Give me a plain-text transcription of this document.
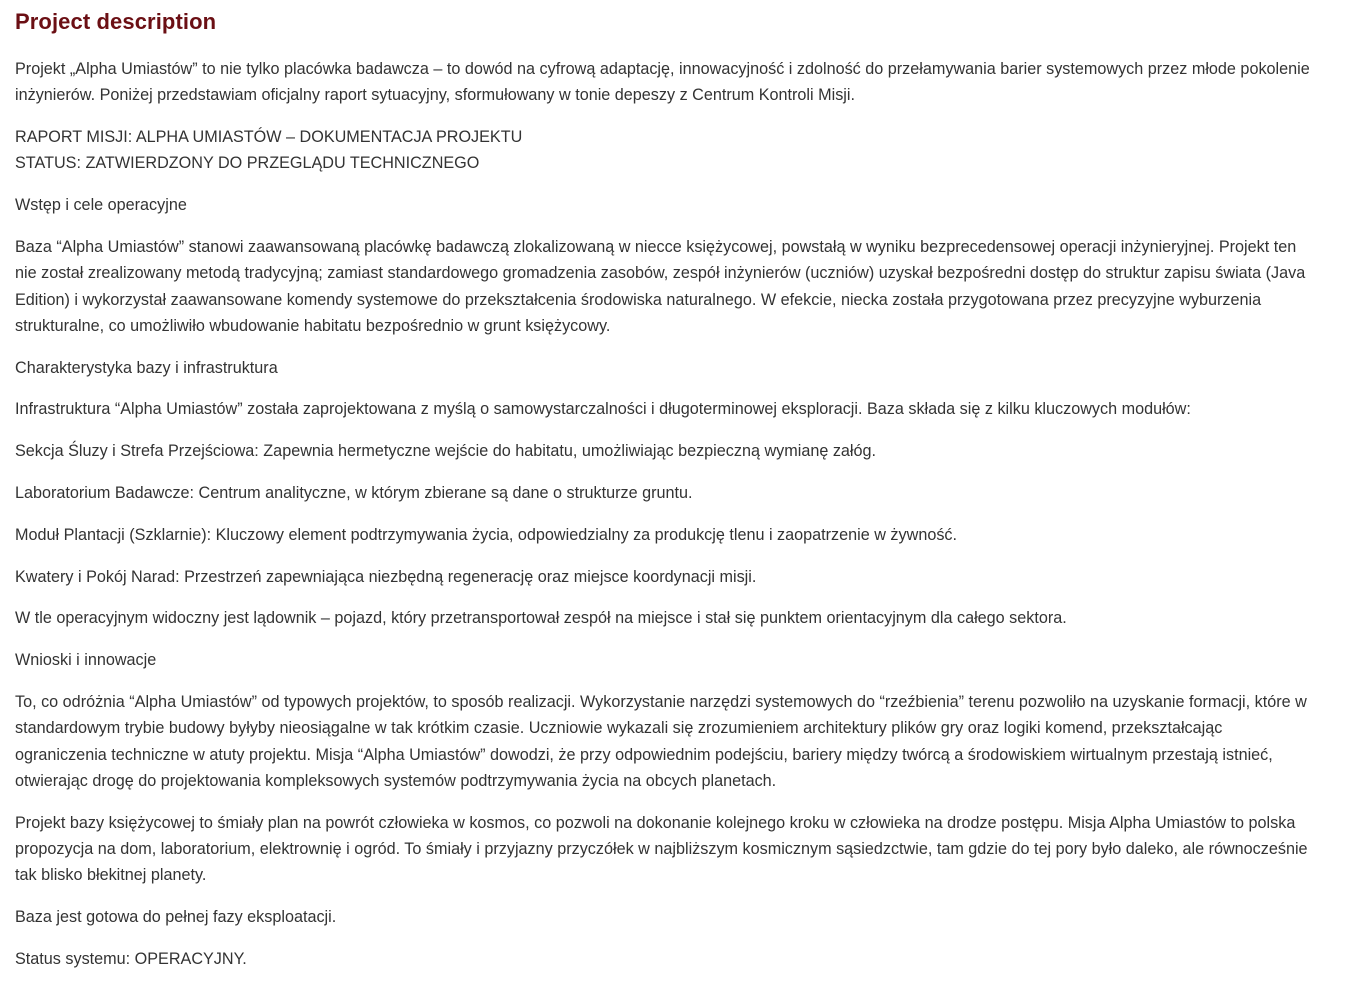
Project description

Projekt „Alpha Umiastów” to nie tylko placówka badawcza – to dowód na cyfrową adaptację, innowacyjność i zdolność do przełamywania barier systemowych przez młode pokolenie inżynierów. Poniżej przedstawiam oficjalny raport sytuacyjny, sformułowany w tonie depeszy z Centrum Kontroli Misji.

RAPORT MISJI: ALPHA UMIASTÓW – DOKUMENTACJA PROJEKTU
STATUS: ZATWIERDZONY DO PRZEGLĄDU TECHNICZNEGO

Wstęp i cele operacyjne

Baza “Alpha Umiastów” stanowi zaawansowaną placówkę badawczą zlokalizowaną w niecce księżycowej, powstałą w wyniku bezprecedensowej operacji inżynieryjnej. Projekt ten nie został zrealizowany metodą tradycyjną; zamiast standardowego gromadzenia zasobów, zespół inżynierów (uczniów) uzyskał bezpośredni dostęp do struktur zapisu świata (Java Edition) i wykorzystał zaawansowane komendy systemowe do przekształcenia środowiska naturalnego. W efekcie, niecka została przygotowana przez precyzyjne wyburzenia strukturalne, co umożliwiło wbudowanie habitatu bezpośrednio w grunt księżycowy.

Charakterystyka bazy i infrastruktura

Infrastruktura “Alpha Umiastów” została zaprojektowana z myślą o samowystarczalności i długoterminowej eksploracji. Baza składa się z kilku kluczowych modułów:

Sekcja Śluzy i Strefa Przejściowa: Zapewnia hermetyczne wejście do habitatu, umożliwiając bezpieczną wymianę załóg.

Laboratorium Badawcze: Centrum analityczne, w którym zbierane są dane o strukturze gruntu.

Moduł Plantacji (Szklarnie): Kluczowy element podtrzymywania życia, odpowiedzialny za produkcję tlenu i zaopatrzenie w żywność.

Kwatery i Pokój Narad: Przestrzeń zapewniająca niezbędną regenerację oraz miejsce koordynacji misji.

W tle operacyjnym widoczny jest lądownik – pojazd, który przetransportował zespół na miejsce i stał się punktem orientacyjnym dla całego sektora.

Wnioski i innowacje

To, co odróżnia “Alpha Umiastów” od typowych projektów, to sposób realizacji. Wykorzystanie narzędzi systemowych do “rzeźbienia” terenu pozwoliło na uzyskanie formacji, które w standardowym trybie budowy byłyby nieosiągalne w tak krótkim czasie. Uczniowie wykazali się zrozumieniem architektury plików gry oraz logiki komend, przekształcając ograniczenia techniczne w atuty projektu. Misja “Alpha Umiastów” dowodzi, że przy odpowiednim podejściu, bariery między twórcą a środowiskiem wirtualnym przestają istnieć, otwierając drogę do projektowania kompleksowych systemów podtrzymywania życia na obcych planetach.

Projekt bazy księżycowej to śmiały plan na powrót człowieka w kosmos, co pozwoli na dokonanie kolejnego kroku w człowieka na drodze postępu. Misja Alpha Umiastów to polska propozycja na dom, laboratorium, elektrownię i ogród. To śmiały i przyjazny przyczółek w najbliższym kosmicznym sąsiedzctwie, tam gdzie do tej pory było daleko, ale równocześnie tak blisko błekitnej planety.

Baza jest gotowa do pełnej fazy eksploatacji.

Status systemu: OPERACYJNY.
